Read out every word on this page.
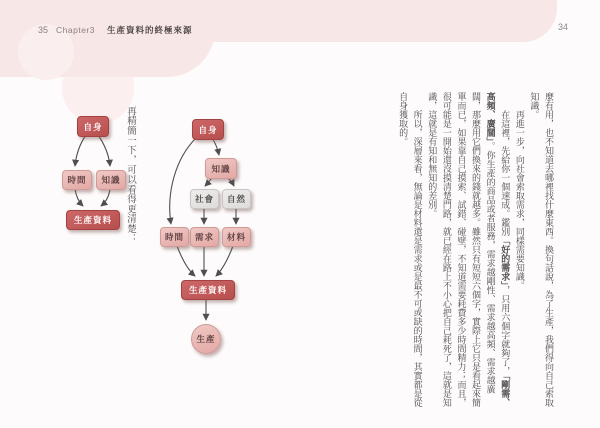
35 Chapter3 生產資料的終極來源	34
自身
時間	知識
生產資料
自身
知識
社會	自然
時間	需求	材料
生產資料
生產
再精簡一下，可以看得更清楚：	麼有用，也不知道去哪裡找什麼東西。換句話說，為了生產，我們得向自己索取知識。

再進一步，向社會索取需求，同樣需要知識。

在這裡，先給你一個速成。鑑別「好的需求」，只用六個字就夠了，「剛需、高頻、廣闊」。你生產的商品或者服務，需求越剛性、需求越高頻、需求越廣闊，那麼用它們換來的錢就越多。雖然只有短短六個字，實際上它只是看起來簡單而已，如果靠自己摸索、試錯、碰壁，不知道需要耗費多少時間精力；而且，很可能是一開始還沒摸清楚門路，就已經在路上不小心把自己耗死了，這就是知識，這就是有知和無知的差別。

所以，深層來看，無論是材料還是需求或是最不可或缺的時間，其實都是從自身獲取的。
